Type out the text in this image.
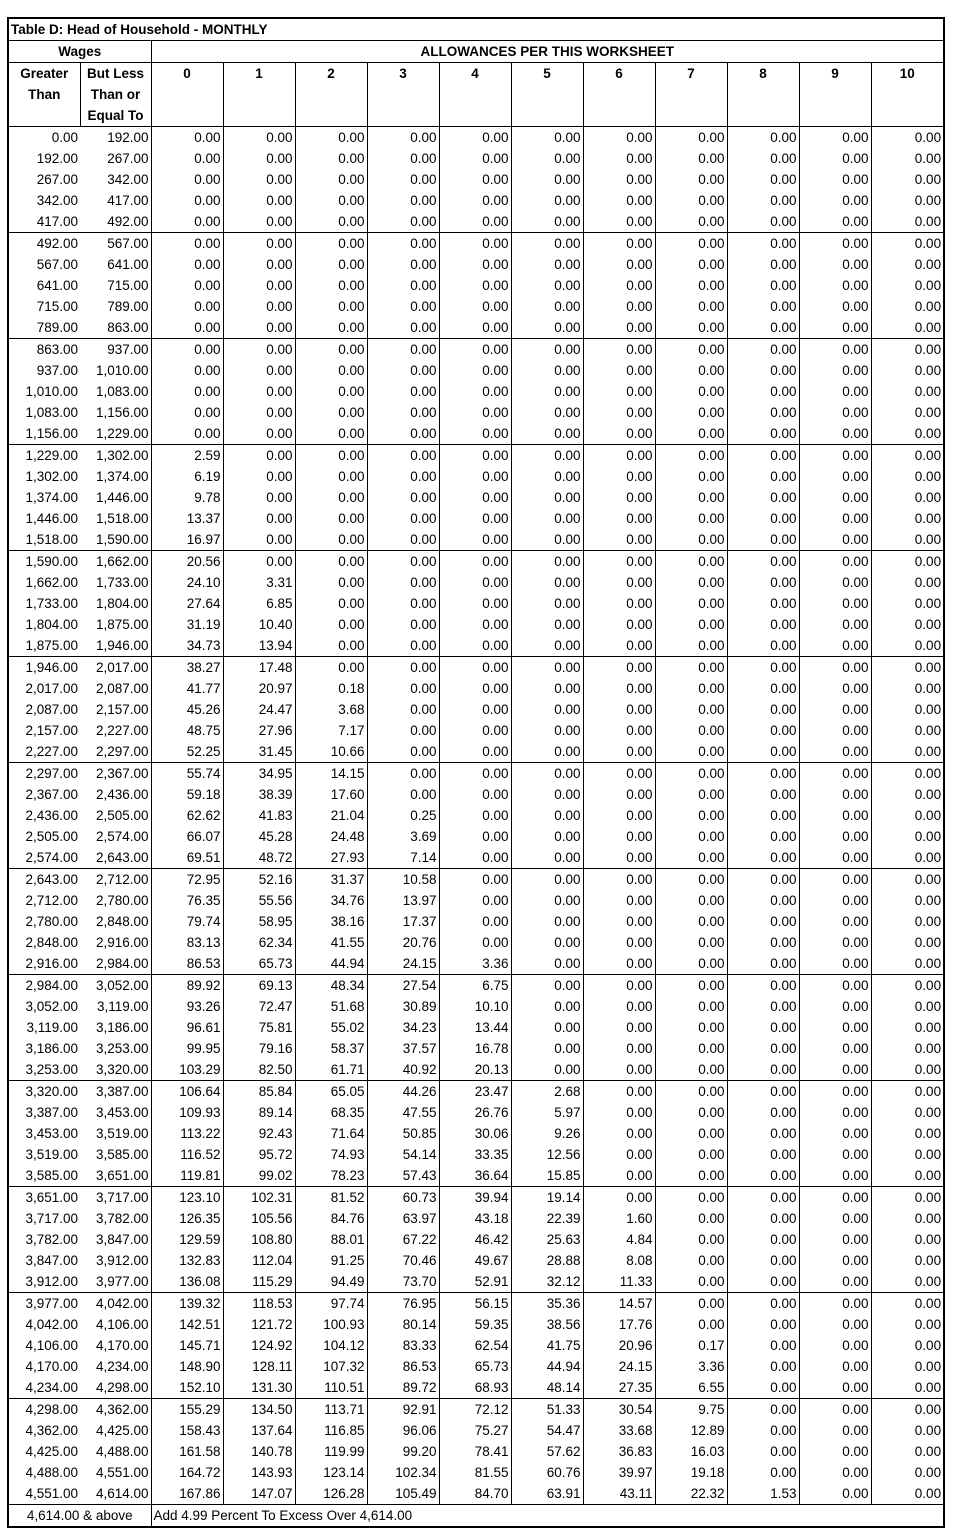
Table D: Head of Household - MONTHLY												
Wages		ALLOWANCES PER THIS WORKSHEET										
Greater	But Less	0	1	2	3	4	5	6	7	8	9	10
Than	Than or											
	Equal To											
0.00	192.00	0.00	0.00	0.00	0.00	0.00	0.00	0.00	0.00	0.00	0.00	0.00
192.00	267.00	0.00	0.00	0.00	0.00	0.00	0.00	0.00	0.00	0.00	0.00	0.00
267.00	342.00	0.00	0.00	0.00	0.00	0.00	0.00	0.00	0.00	0.00	0.00	0.00
342.00	417.00	0.00	0.00	0.00	0.00	0.00	0.00	0.00	0.00	0.00	0.00	0.00
417.00	492.00	0.00	0.00	0.00	0.00	0.00	0.00	0.00	0.00	0.00	0.00	0.00
492.00	567.00	0.00	0.00	0.00	0.00	0.00	0.00	0.00	0.00	0.00	0.00	0.00
567.00	641.00	0.00	0.00	0.00	0.00	0.00	0.00	0.00	0.00	0.00	0.00	0.00
641.00	715.00	0.00	0.00	0.00	0.00	0.00	0.00	0.00	0.00	0.00	0.00	0.00
715.00	789.00	0.00	0.00	0.00	0.00	0.00	0.00	0.00	0.00	0.00	0.00	0.00
789.00	863.00	0.00	0.00	0.00	0.00	0.00	0.00	0.00	0.00	0.00	0.00	0.00
863.00	937.00	0.00	0.00	0.00	0.00	0.00	0.00	0.00	0.00	0.00	0.00	0.00
937.00	1,010.00	0.00	0.00	0.00	0.00	0.00	0.00	0.00	0.00	0.00	0.00	0.00
1,010.00	1,083.00	0.00	0.00	0.00	0.00	0.00	0.00	0.00	0.00	0.00	0.00	0.00
1,083.00	1,156.00	0.00	0.00	0.00	0.00	0.00	0.00	0.00	0.00	0.00	0.00	0.00
1,156.00	1,229.00	0.00	0.00	0.00	0.00	0.00	0.00	0.00	0.00	0.00	0.00	0.00
1,229.00	1,302.00	2.59	0.00	0.00	0.00	0.00	0.00	0.00	0.00	0.00	0.00	0.00
1,302.00	1,374.00	6.19	0.00	0.00	0.00	0.00	0.00	0.00	0.00	0.00	0.00	0.00
1,374.00	1,446.00	9.78	0.00	0.00	0.00	0.00	0.00	0.00	0.00	0.00	0.00	0.00
1,446.00	1,518.00	13.37	0.00	0.00	0.00	0.00	0.00	0.00	0.00	0.00	0.00	0.00
1,518.00	1,590.00	16.97	0.00	0.00	0.00	0.00	0.00	0.00	0.00	0.00	0.00	0.00
1,590.00	1,662.00	20.56	0.00	0.00	0.00	0.00	0.00	0.00	0.00	0.00	0.00	0.00
1,662.00	1,733.00	24.10	3.31	0.00	0.00	0.00	0.00	0.00	0.00	0.00	0.00	0.00
1,733.00	1,804.00	27.64	6.85	0.00	0.00	0.00	0.00	0.00	0.00	0.00	0.00	0.00
1,804.00	1,875.00	31.19	10.40	0.00	0.00	0.00	0.00	0.00	0.00	0.00	0.00	0.00
1,875.00	1,946.00	34.73	13.94	0.00	0.00	0.00	0.00	0.00	0.00	0.00	0.00	0.00
1,946.00	2,017.00	38.27	17.48	0.00	0.00	0.00	0.00	0.00	0.00	0.00	0.00	0.00
2,017.00	2,087.00	41.77	20.97	0.18	0.00	0.00	0.00	0.00	0.00	0.00	0.00	0.00
2,087.00	2,157.00	45.26	24.47	3.68	0.00	0.00	0.00	0.00	0.00	0.00	0.00	0.00
2,157.00	2,227.00	48.75	27.96	7.17	0.00	0.00	0.00	0.00	0.00	0.00	0.00	0.00
2,227.00	2,297.00	52.25	31.45	10.66	0.00	0.00	0.00	0.00	0.00	0.00	0.00	0.00
2,297.00	2,367.00	55.74	34.95	14.15	0.00	0.00	0.00	0.00	0.00	0.00	0.00	0.00
2,367.00	2,436.00	59.18	38.39	17.60	0.00	0.00	0.00	0.00	0.00	0.00	0.00	0.00
2,436.00	2,505.00	62.62	41.83	21.04	0.25	0.00	0.00	0.00	0.00	0.00	0.00	0.00
2,505.00	2,574.00	66.07	45.28	24.48	3.69	0.00	0.00	0.00	0.00	0.00	0.00	0.00
2,574.00	2,643.00	69.51	48.72	27.93	7.14	0.00	0.00	0.00	0.00	0.00	0.00	0.00
2,643.00	2,712.00	72.95	52.16	31.37	10.58	0.00	0.00	0.00	0.00	0.00	0.00	0.00
2,712.00	2,780.00	76.35	55.56	34.76	13.97	0.00	0.00	0.00	0.00	0.00	0.00	0.00
2,780.00	2,848.00	79.74	58.95	38.16	17.37	0.00	0.00	0.00	0.00	0.00	0.00	0.00
2,848.00	2,916.00	83.13	62.34	41.55	20.76	0.00	0.00	0.00	0.00	0.00	0.00	0.00
2,916.00	2,984.00	86.53	65.73	44.94	24.15	3.36	0.00	0.00	0.00	0.00	0.00	0.00
2,984.00	3,052.00	89.92	69.13	48.34	27.54	6.75	0.00	0.00	0.00	0.00	0.00	0.00
3,052.00	3,119.00	93.26	72.47	51.68	30.89	10.10	0.00	0.00	0.00	0.00	0.00	0.00
3,119.00	3,186.00	96.61	75.81	55.02	34.23	13.44	0.00	0.00	0.00	0.00	0.00	0.00
3,186.00	3,253.00	99.95	79.16	58.37	37.57	16.78	0.00	0.00	0.00	0.00	0.00	0.00
3,253.00	3,320.00	103.29	82.50	61.71	40.92	20.13	0.00	0.00	0.00	0.00	0.00	0.00
3,320.00	3,387.00	106.64	85.84	65.05	44.26	23.47	2.68	0.00	0.00	0.00	0.00	0.00
3,387.00	3,453.00	109.93	89.14	68.35	47.55	26.76	5.97	0.00	0.00	0.00	0.00	0.00
3,453.00	3,519.00	113.22	92.43	71.64	50.85	30.06	9.26	0.00	0.00	0.00	0.00	0.00
3,519.00	3,585.00	116.52	95.72	74.93	54.14	33.35	12.56	0.00	0.00	0.00	0.00	0.00
3,585.00	3,651.00	119.81	99.02	78.23	57.43	36.64	15.85	0.00	0.00	0.00	0.00	0.00
3,651.00	3,717.00	123.10	102.31	81.52	60.73	39.94	19.14	0.00	0.00	0.00	0.00	0.00
3,717.00	3,782.00	126.35	105.56	84.76	63.97	43.18	22.39	1.60	0.00	0.00	0.00	0.00
3,782.00	3,847.00	129.59	108.80	88.01	67.22	46.42	25.63	4.84	0.00	0.00	0.00	0.00
3,847.00	3,912.00	132.83	112.04	91.25	70.46	49.67	28.88	8.08	0.00	0.00	0.00	0.00
3,912.00	3,977.00	136.08	115.29	94.49	73.70	52.91	32.12	11.33	0.00	0.00	0.00	0.00
3,977.00	4,042.00	139.32	118.53	97.74	76.95	56.15	35.36	14.57	0.00	0.00	0.00	0.00
4,042.00	4,106.00	142.51	121.72	100.93	80.14	59.35	38.56	17.76	0.00	0.00	0.00	0.00
4,106.00	4,170.00	145.71	124.92	104.12	83.33	62.54	41.75	20.96	0.17	0.00	0.00	0.00
4,170.00	4,234.00	148.90	128.11	107.32	86.53	65.73	44.94	24.15	3.36	0.00	0.00	0.00
4,234.00	4,298.00	152.10	131.30	110.51	89.72	68.93	48.14	27.35	6.55	0.00	0.00	0.00
4,298.00	4,362.00	155.29	134.50	113.71	92.91	72.12	51.33	30.54	9.75	0.00	0.00	0.00
4,362.00	4,425.00	158.43	137.64	116.85	96.06	75.27	54.47	33.68	12.89	0.00	0.00	0.00
4,425.00	4,488.00	161.58	140.78	119.99	99.20	78.41	57.62	36.83	16.03	0.00	0.00	0.00
4,488.00	4,551.00	164.72	143.93	123.14	102.34	81.55	60.76	39.97	19.18	0.00	0.00	0.00
4,551.00	4,614.00	167.86	147.07	126.28	105.49	84.70	63.91	43.11	22.32	1.53	0.00	0.00
4,614.00 & above		Add 4.99 Percent To Excess Over 4,614.00										
